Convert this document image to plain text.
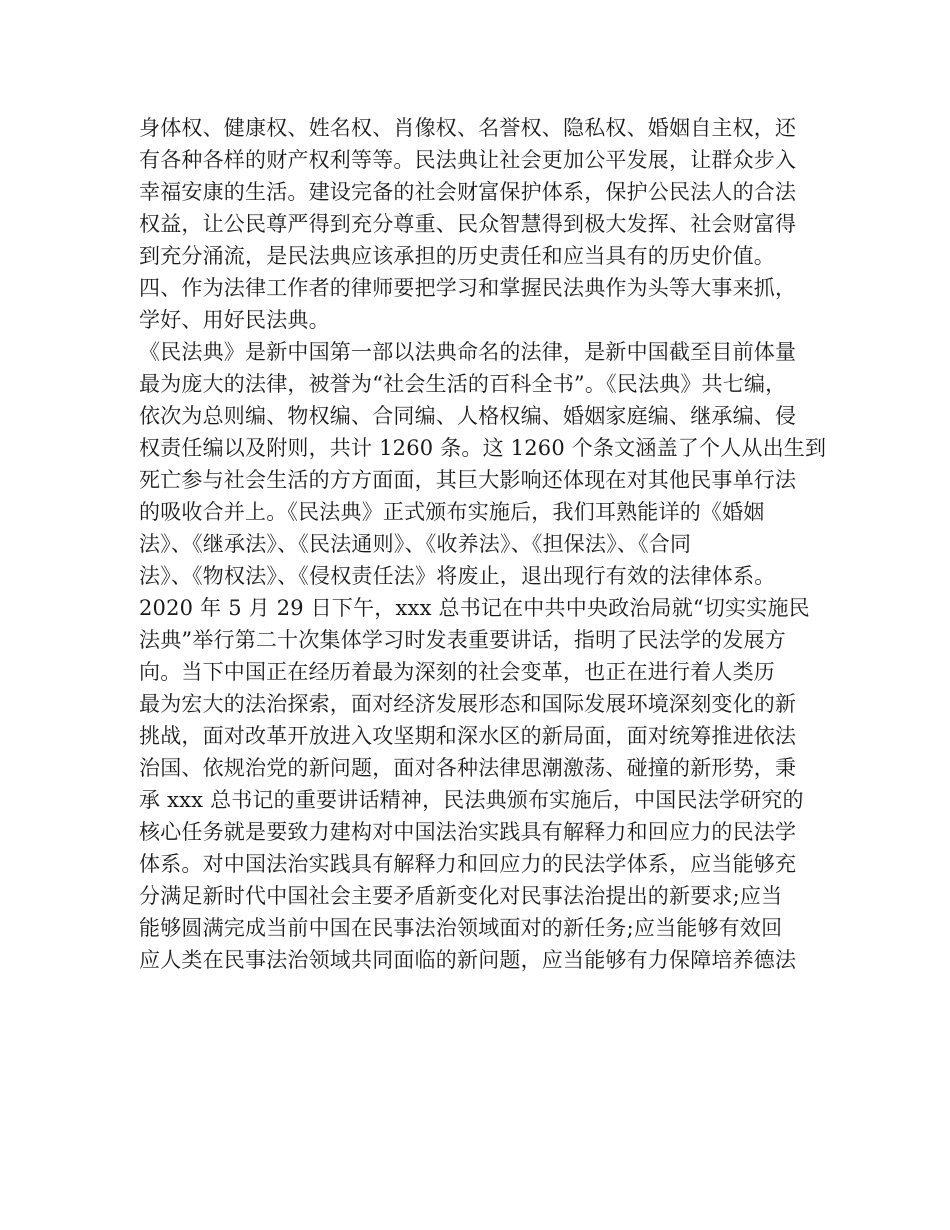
身体权、健康权、姓名权、肖像权、名誉权、隐私权、婚姻自主权，还
有各种各样的财产权利等等。民法典让社会更加公平发展，让群众步入
幸福安康的生活。建设完备的社会财富保护体系，保护公民法人的合法
权益，让公民尊严得到充分尊重、民众智慧得到极大发挥、社会财富得
到充分涌流，是民法典应该承担的历史责任和应当具有的历史价值。
四、作为法律工作者的律师要把学习和掌握民法典作为头等大事来抓，
学好、用好民法典。
《民法典》是新中国第一部以法典命名的法律，是新中国截至目前体量
最为庞大的法律，被誉为“社会生活的百科全书”。《民法典》共七编，
依次为总则编、物权编、合同编、人格权编、婚姻家庭编、继承编、侵
权责任编以及附则，共计 1260 条。这 1260 个条文涵盖了个人从出生到
死亡参与社会生活的方方面面，其巨大影响还体现在对其他民事单行法
的吸收合并上。《民法典》正式颁布实施后，我们耳熟能详的《婚姻
法》、《继承法》、《民法通则》、《收养法》、《担保法》、《合同
法》、《物权法》、《侵权责任法》将废止，退出现行有效的法律体系。
2020 年 5 月 29 日下午，xxx 总书记在中共中央政治局就“切实实施民
法典”举行第二十次集体学习时发表重要讲话，指明了民法学的发展方
向。当下中国正在经历着最为深刻的社会变革，也正在进行着人类历
最为宏大的法治探索，面对经济发展形态和国际发展环境深刻变化的新
挑战，面对改革开放进入攻坚期和深水区的新局面，面对统筹推进依法
治国、依规治党的新问题，面对各种法律思潮激荡、碰撞的新形势，秉
承 xxx 总书记的重要讲话精神，民法典颁布实施后，中国民法学研究的
核心任务就是要致力建构对中国法治实践具有解释力和回应力的民法学
体系。对中国法治实践具有解释力和回应力的民法学体系，应当能够充
分满足新时代中国社会主要矛盾新变化对民事法治提出的新要求;应当
能够圆满完成当前中国在民事法治领域面对的新任务;应当能够有效回
应人类在民事法治领域共同面临的新问题，应当能够有力保障培养德法
